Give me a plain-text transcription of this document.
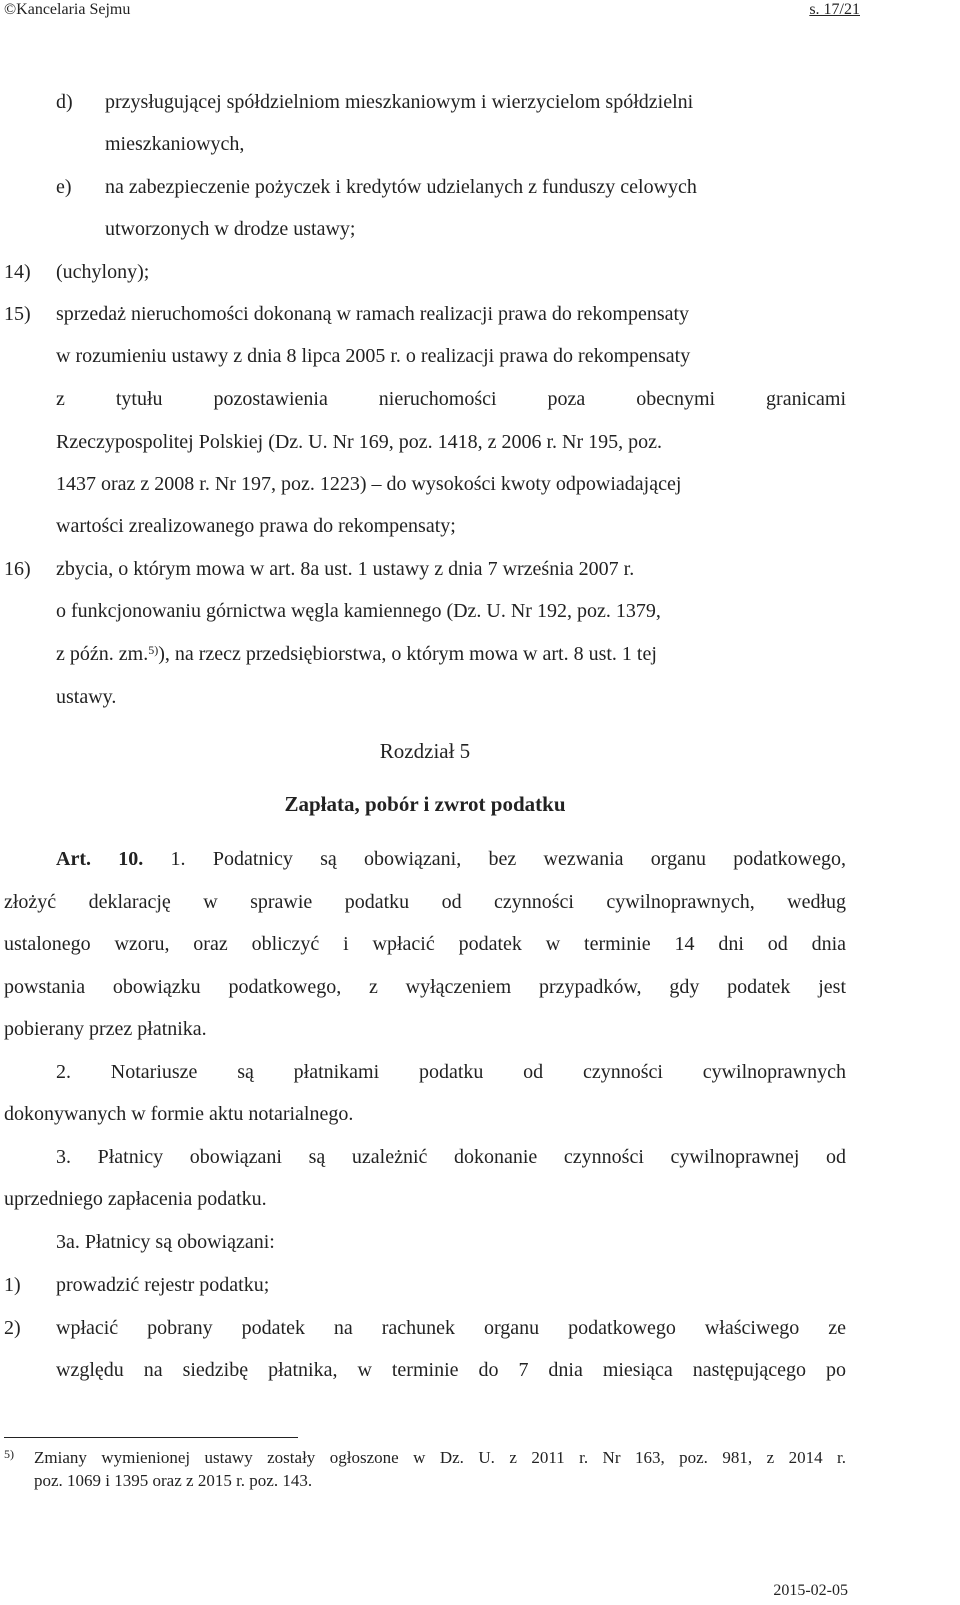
©Kancelaria Sejmu	s. 17/21
d) przysługującej spółdzielniom mieszkaniowym i wierzycielom spółdzielni
mieszkaniowych,
e) na zabezpieczenie pożyczek i kredytów udzielanych z funduszy celowych
utworzonych w drodze ustawy;
14) (uchylony);
15) sprzedaż nieruchomości dokonaną w ramach realizacji prawa do rekompensaty
w rozumieniu ustawy z dnia 8 lipca 2005 r. o realizacji prawa do rekompensaty
z tytułu pozostawienia nieruchomości poza obecnymi granicami
Rzeczypospolitej Polskiej (Dz. U. Nr 169, poz. 1418, z 2006 r. Nr 195, poz.
1437 oraz z 2008 r. Nr 197, poz. 1223) – do wysokości kwoty odpowiadającej
wartości zrealizowanego prawa do rekompensaty;
16) zbycia, o którym mowa w art. 8a ust. 1 ustawy z dnia 7 września 2007 r.
o funkcjonowaniu górnictwa węgla kamiennego (Dz. U. Nr 192, poz. 1379,
z późn. zm.$^{5)}$), na rzecz przedsiębiorstwa, o którym mowa w art. 8 ust. 1 tej
ustawy.
Rozdział 5
Zapłata, pobór i zwrot podatku
Art. 10. 1. Podatnicy są obowiązani, bez wezwania organu podatkowego,
złożyć deklarację w sprawie podatku od czynności cywilnoprawnych, według
ustalonego wzoru, oraz obliczyć i wpłacić podatek w terminie 14 dni od dnia
powstania obowiązku podatkowego, z wyłączeniem przypadków, gdy podatek jest
pobierany przez płatnika.
2. Notariusze są płatnikami podatku od czynności cywilnoprawnych
dokonywanych w formie aktu notarialnego.
3. Płatnicy obowiązani są uzależnić dokonanie czynności cywilnoprawnej od
uprzedniego zapłacenia podatku.
3a. Płatnicy są obowiązani:
1) prowadzić rejestr podatku;
2) wpłacić pobrany podatek na rachunek organu podatkowego właściwego ze
względu na siedzibę płatnika, w terminie do 7 dnia miesiąca następującego po
5) Zmiany wymienionej ustawy zostały ogłoszone w Dz. U. z 2011 r. Nr 163, poz. 981, z 2014 r.
poz. 1069 i 1395 oraz z 2015 r. poz. 143.
2015-02-05
